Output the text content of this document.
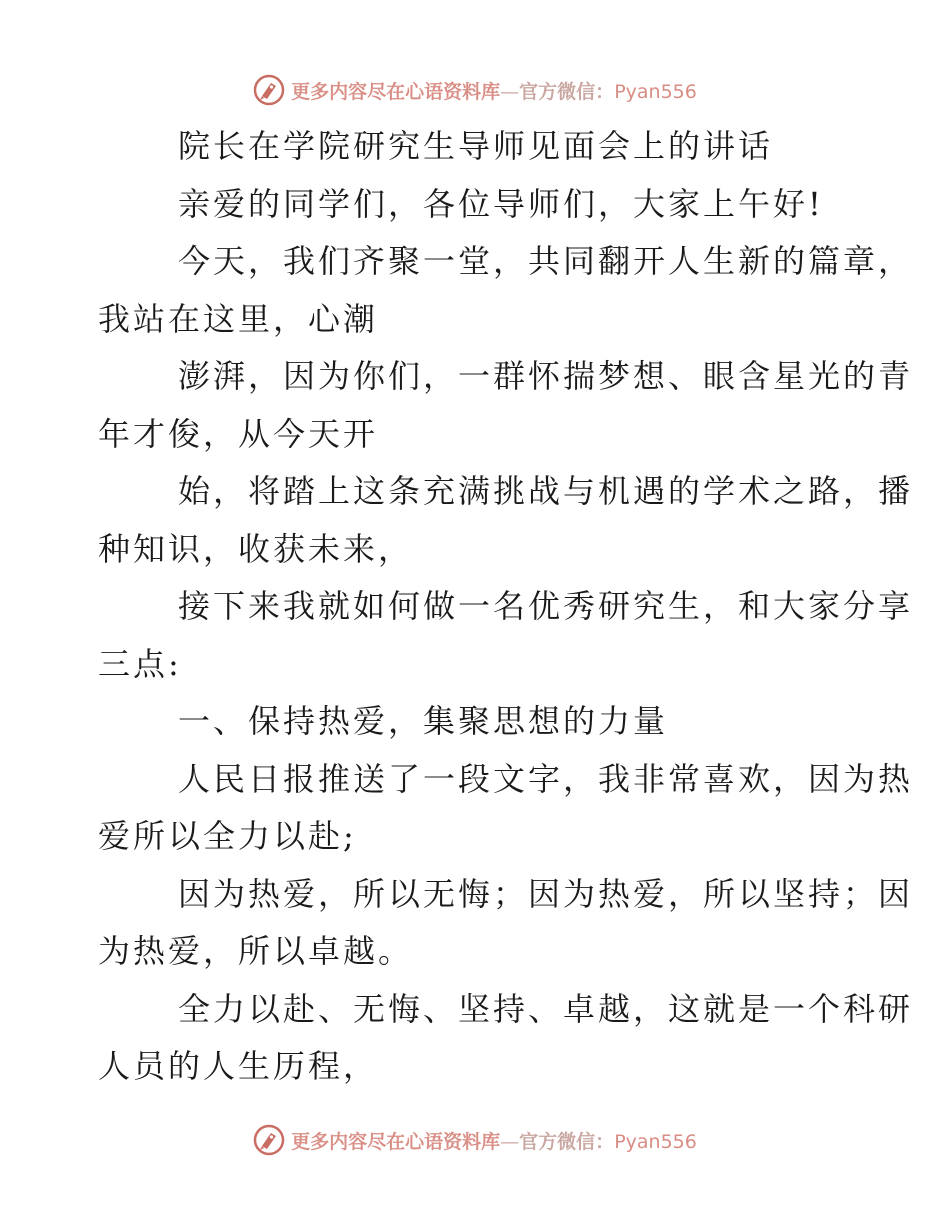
更多内容尽在心语资料库—官方微信：Pyan556
院长在学院研究生导师见面会上的讲话
亲爱的同学们，各位导师们，大家上午好!
今天，我们齐聚一堂，共同翻开人生新的篇章，
我站在这里，心潮
澎湃，因为你们，一群怀揣梦想、眼含星光的青
年才俊，从今天开
始，将踏上这条充满挑战与机遇的学术之路，播
种知识，收获未来，
接下来我就如何做一名优秀研究生，和大家分享
三点:
一、保持热爱，集聚思想的力量
人民日报推送了一段文字，我非常喜欢，因为热
爱所以全力以赴;
因为热爱，所以无悔；因为热爱，所以坚持；因
为热爱，所以卓越。
全力以赴、无悔、坚持、卓越，这就是一个科研
人员的人生历程，
更多内容尽在心语资料库—官方微信：Pyan556
